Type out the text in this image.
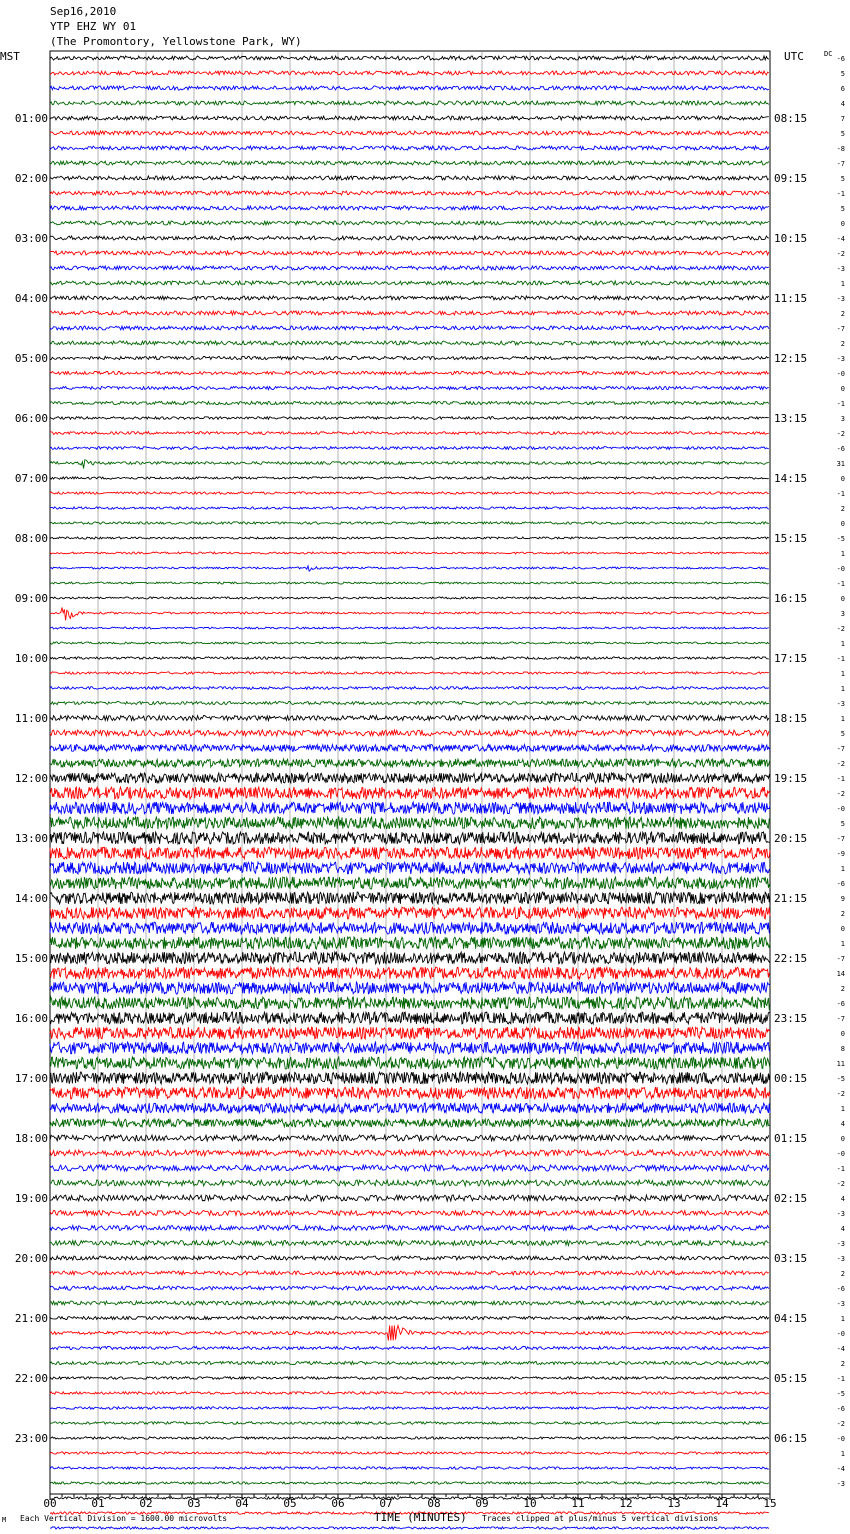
Sep16,2010
YTP EHZ WY 01
(The Promontory, Yellowstone Park, WY)
MST	UTC
00	01	02	03	04	05	06	07	08	09	10	11	12	13	14	15
01:00
02:00
03:00
04:00
05:00
06:00
07:00
08:00
09:00
10:00
11:00
12:00
13:00
14:00
15:00
16:00
17:00
18:00
19:00
20:00
21:00
22:00
23:00
08:15
09:15
10:15
11:15
12:15
13:15
14:15
15:15
16:15
17:15
18:15
19:15
20:15
21:15
22:15
23:15
00:15
01:15
02:15
03:15
04:15
05:15
06:15
DC
-6
5
6
4
7
5
-8
-7
5
-1
5
0
-4
-2
-3
1
-3
2
-7
2
-3
-0
0
-1
3
-2
-6
31
0
-1
2
0
-5
1
-0
-1
0
3
-2
1
-1
1
1
-3
1
5
-7
-2
-1
-2
-0
5
-7
-9
1
-6
9
2
0
1
-7
14
2
-6
-7
0
8
11
-5
-2
1
4
0
-0
-1
-2
4
-3
4
-3
-3
2
-6
-3
1
-0
-4
2
-1
-5
-6
-2
-0
1
-4
-3
M Each Vertical Division = 1600.00 microvolts	TIME (MINUTES) Traces clipped at plus/minus 5 vertical divisions
